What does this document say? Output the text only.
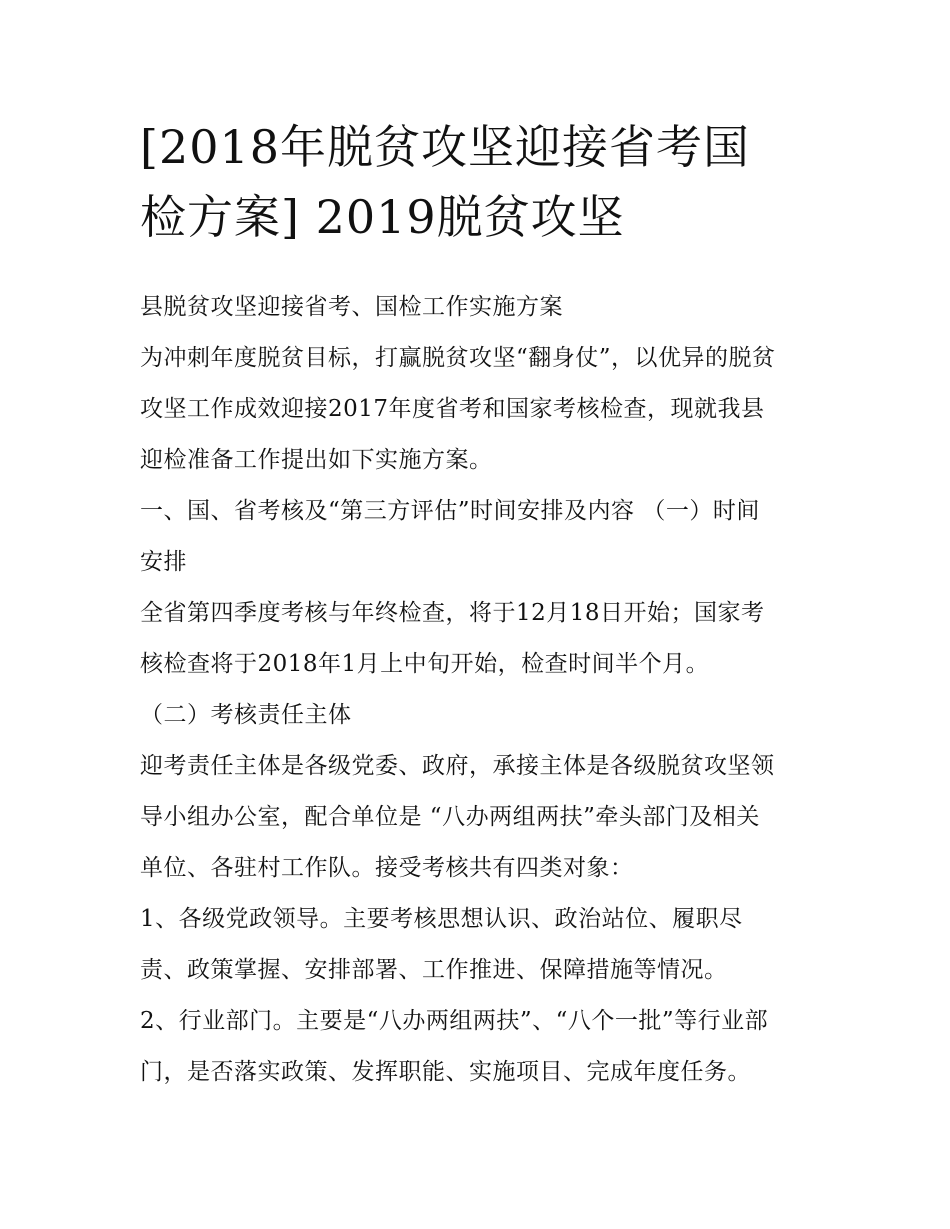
[2018年脱贫攻坚迎接省考国
检方案] 2019脱贫攻坚

县脱贫攻坚迎接省考、国检工作实施方案

为冲刺年度脱贫目标，打赢脱贫攻坚“翻身仗”，以优异的脱贫

攻坚工作成效迎接2017年度省考和国家考核检查，现就我县

迎检准备工作提出如下实施方案。

一、国、省考核及“第三方评估”时间安排及内容 （一）时间

安排

全省第四季度考核与年终检查，将于12月18日开始；国家考

核检查将于2018年1月上中旬开始，检查时间半个月。

（二）考核责任主体

迎考责任主体是各级党委、政府，承接主体是各级脱贫攻坚领

导小组办公室，配合单位是 “八办两组两扶”牵头部门及相关

单位、各驻村工作队。接受考核共有四类对象：

1、各级党政领导。主要考核思想认识、政治站位、履职尽

责、政策掌握、安排部署、工作推进、保障措施等情况。

2、行业部门。主要是“八办两组两扶”、“八个一批”等行业部

门，是否落实政策、发挥职能、实施项目、完成年度任务。
